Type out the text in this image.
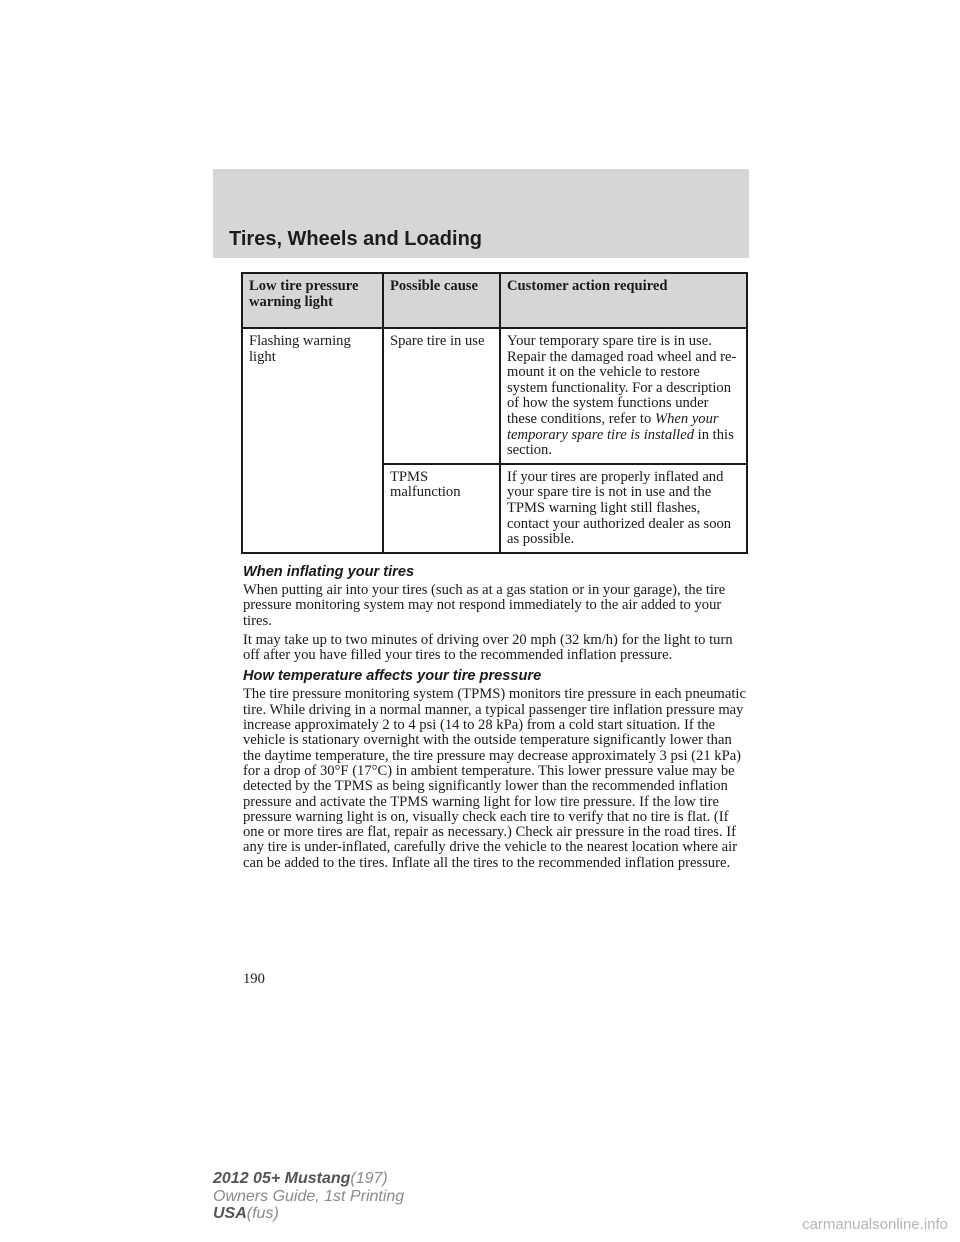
Tires, Wheels and Loading
Low tire pressure warning light	Possible cause	Customer action required
Flashing warning light	Spare tire in use	Your temporary spare tire is in use. Repair the damaged road wheel and re-mount it on the vehicle to restore system functionality. For a description of how the system functions under these conditions, refer to When your temporary spare tire is installed in this section.
	TPMS malfunction	If your tires are properly inflated and your spare tire is not in use and the TPMS warning light still flashes, contact your authorized dealer as soon as possible.
When inflating your tires

When putting air into your tires (such as at a gas station or in your garage), the tire pressure monitoring system may not respond immediately to the air added to your tires.

It may take up to two minutes of driving over 20 mph (32 km/h) for the light to turn off after you have filled your tires to the recommended inflation pressure.

How temperature affects your tire pressure

The tire pressure monitoring system (TPMS) monitors tire pressure in each pneumatic tire. While driving in a normal manner, a typical passenger tire inflation pressure may increase approximately 2 to 4 psi (14 to 28 kPa) from a cold start situation. If the vehicle is stationary overnight with the outside temperature significantly lower than the daytime temperature, the tire pressure may decrease approximately 3 psi (21 kPa) for a drop of 30°F (17°C) in ambient temperature. This lower pressure value may be detected by the TPMS as being significantly lower than the recommended inflation pressure and activate the TPMS warning light for low tire pressure. If the low tire pressure warning light is on, visually check each tire to verify that no tire is flat. (If one or more tires are flat, repair as necessary.) Check air pressure in the road tires. If any tire is under-inflated, carefully drive the vehicle to the nearest location where air can be added to the tires. Inflate all the tires to the recommended inflation pressure.

190
2012 05+ Mustang(197)
Owners Guide, 1st Printing
USA(fus)
carmanualsonline.info
